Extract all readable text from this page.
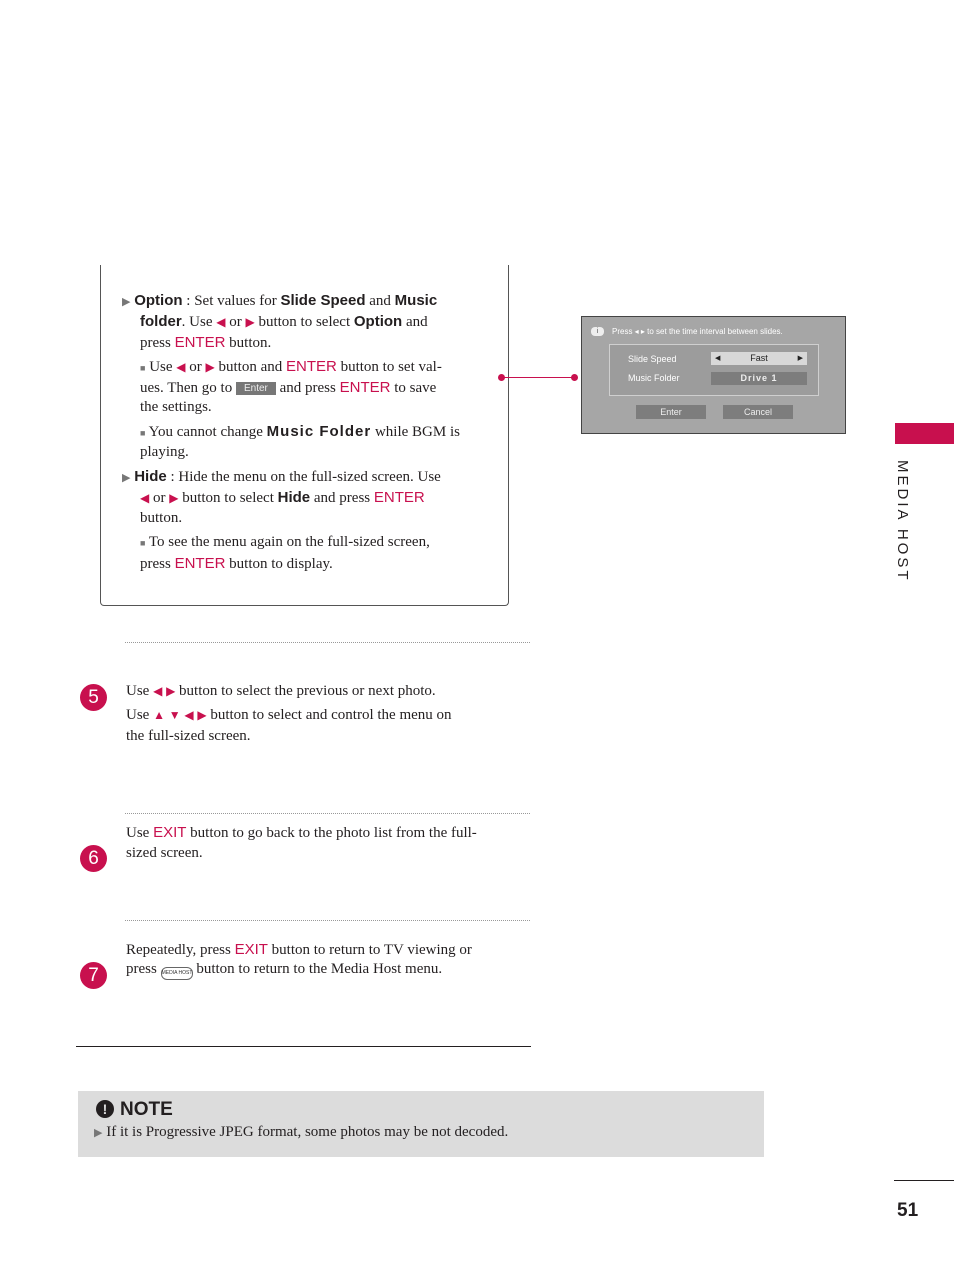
▶ Option : Set values for Slide Speed and Music
folder. Use ◀ or ▶ button to select Option and
press ENTER button.
■ Use ◀ or ▶ button and ENTER button to set val-
ues. Then go to Enter and press ENTER to save
the settings.
■ You cannot change Music Folder while BGM is
playing.
▶ Hide : Hide the menu on the full-sized screen. Use
◀ or ▶ button to select Hide and press ENTER
button.
■ To see the menu again on the full-sized screen,
press ENTER button to display.
i	Press ◂ ▸ to set the time interval between slides.
Slide Speed	◀	Fast	▶
Music Folder	Drive 1
Enter	Cancel
MEDIA HOST
5	Use ◀ ▶ button to select the previous or next photo.
Use ▲ ▼ ◀ ▶ button to select and control the menu on
the full-sized screen.
6
Use EXIT button to go back to the photo list from the full-
sized screen.
7
Repeatedly, press EXIT button to return to TV viewing or
press MEDIA HOST button to return to the Media Host menu.
! NOTE
▶ If it is Progressive JPEG format, some photos may be not decoded.
51
